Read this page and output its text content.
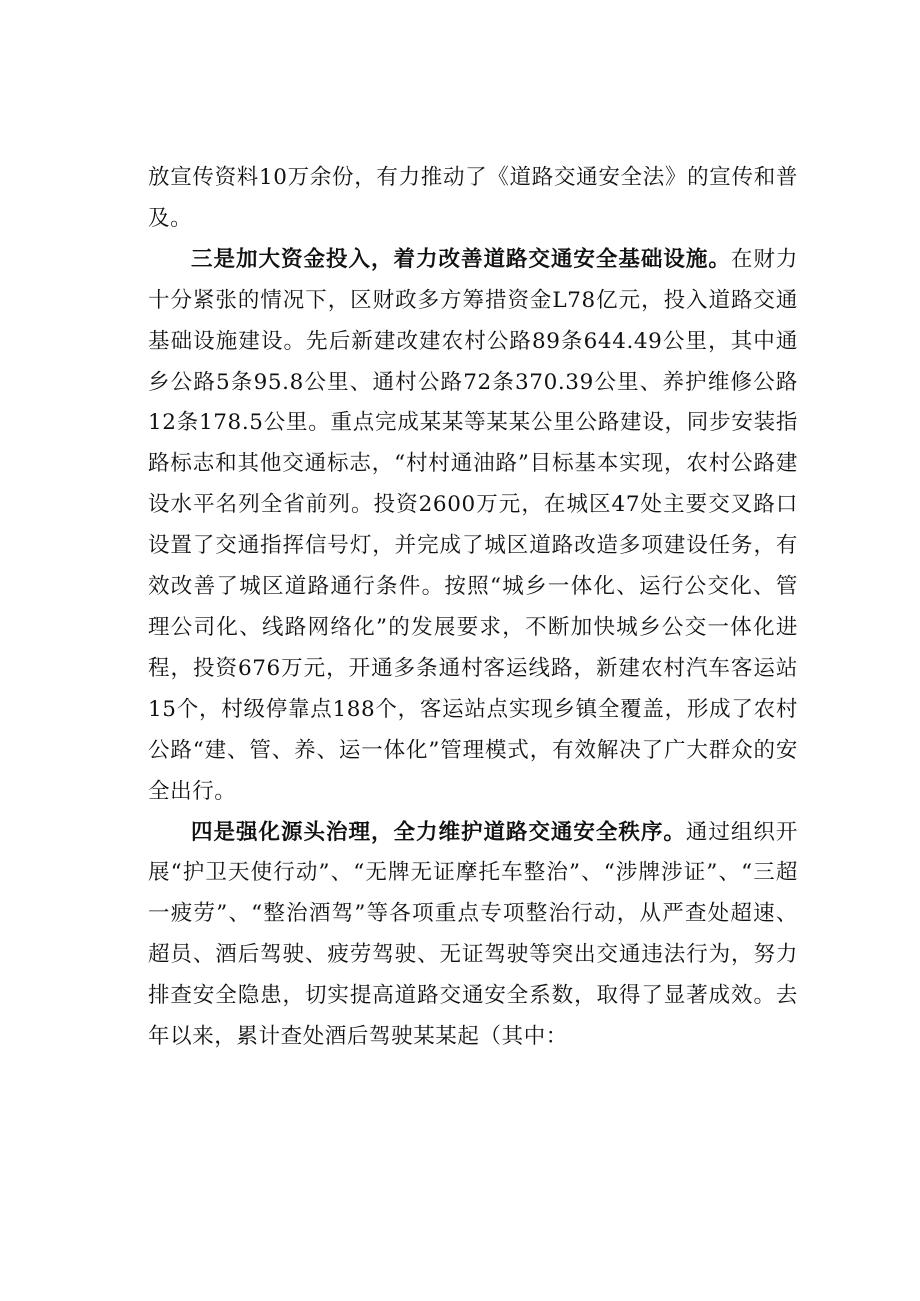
放宣传资料10万余份，有力推动了《道路交通安全法》的宣传和普及。

三是加大资金投入，着力改善道路交通安全基础设施。在财力十分紧张的情况下，区财政多方筹措资金L78亿元，投入道路交通基础设施建设。先后新建改建农村公路89条644.49公里，其中通乡公路5条95.8公里、通村公路72条370.39公里、养护维修公路12条178.5公里。重点完成某某等某某公里公路建设，同步安装指路标志和其他交通标志，“村村通油路”目标基本实现，农村公路建设水平名列全省前列。投资2600万元，在城区47处主要交叉路口设置了交通指挥信号灯，并完成了城区道路改造多项建设任务，有效改善了城区道路通行条件。按照“城乡一体化、运行公交化、管理公司化、线路网络化”的发展要求，不断加快城乡公交一体化进程，投资676万元，开通多条通村客运线路，新建农村汽车客运站15个，村级停靠点188个，客运站点实现乡镇全覆盖，形成了农村公路“建、管、养、运一体化”管理模式，有效解决了广大群众的安全出行。

四是强化源头治理，全力维护道路交通安全秩序。通过组织开展“护卫天使行动”、“无牌无证摩托车整治”、“涉牌涉证”、“三超一疲劳”、“整治酒驾”等各项重点专项整治行动，从严查处超速、超员、酒后驾驶、疲劳驾驶、无证驾驶等突出交通违法行为，努力排查安全隐患，切实提高道路交通安全系数，取得了显著成效。去年以来，累计查处酒后驾驶某某起（其中：
